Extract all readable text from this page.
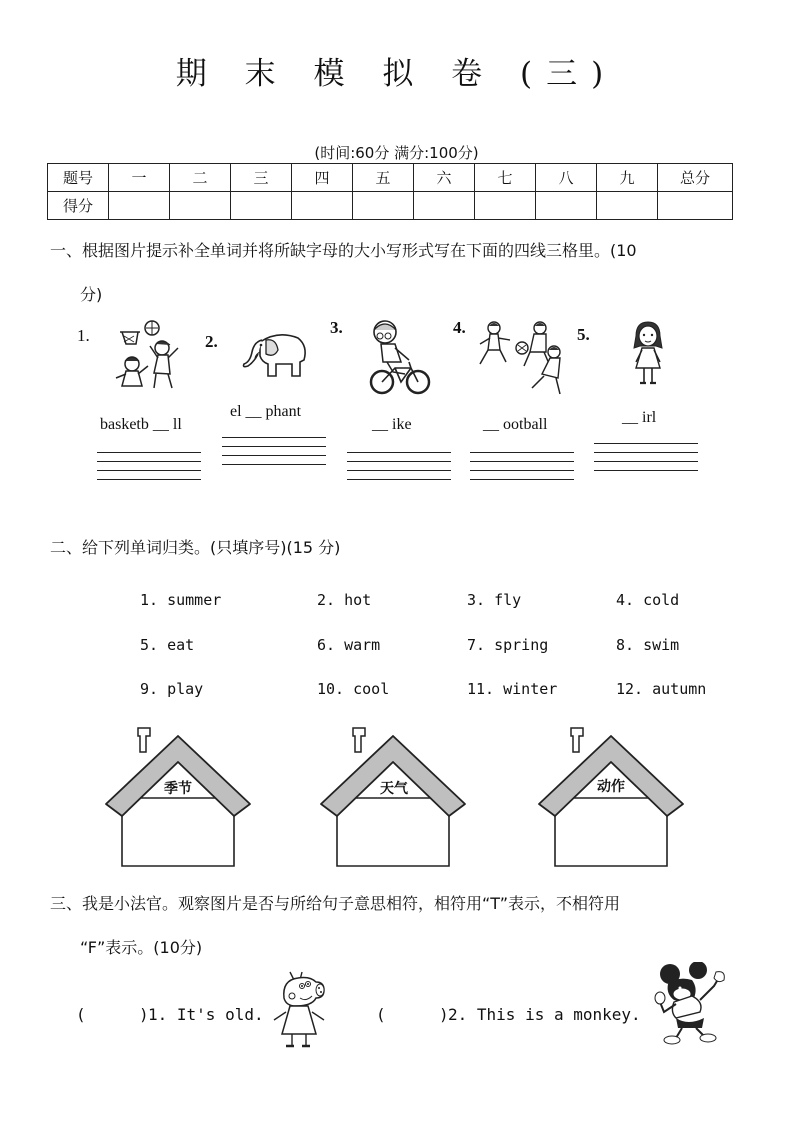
期 末 模 拟 卷 (三)
(时间:60分 满分:100分)
题号	一	二	三	四	五	六	七	八	九	总分
得分										
一、根据图片提示补全单词并将所缺字母的大小写形式写在下面的四线三格里。(10
分)
1.	2.
3.	4.	5.
basketb __ ll
el __ phant
__ ike	__ ootball	__ irl
二、给下列单词归类。(只填序号)(15 分)
1. summer	2. hot	3. fly	4. cold
5. eat	6. warm	7. spring	8. swim
9. play	10. cool	11. winter	12. autumn
季节	天气	动作
三、我是小法官。观察图片是否与所给句子意思相符，相符用“T”表示，不相符用
“F”表示。(10分)
(	) 1. It's old.	(	) 2. This is a monkey.
